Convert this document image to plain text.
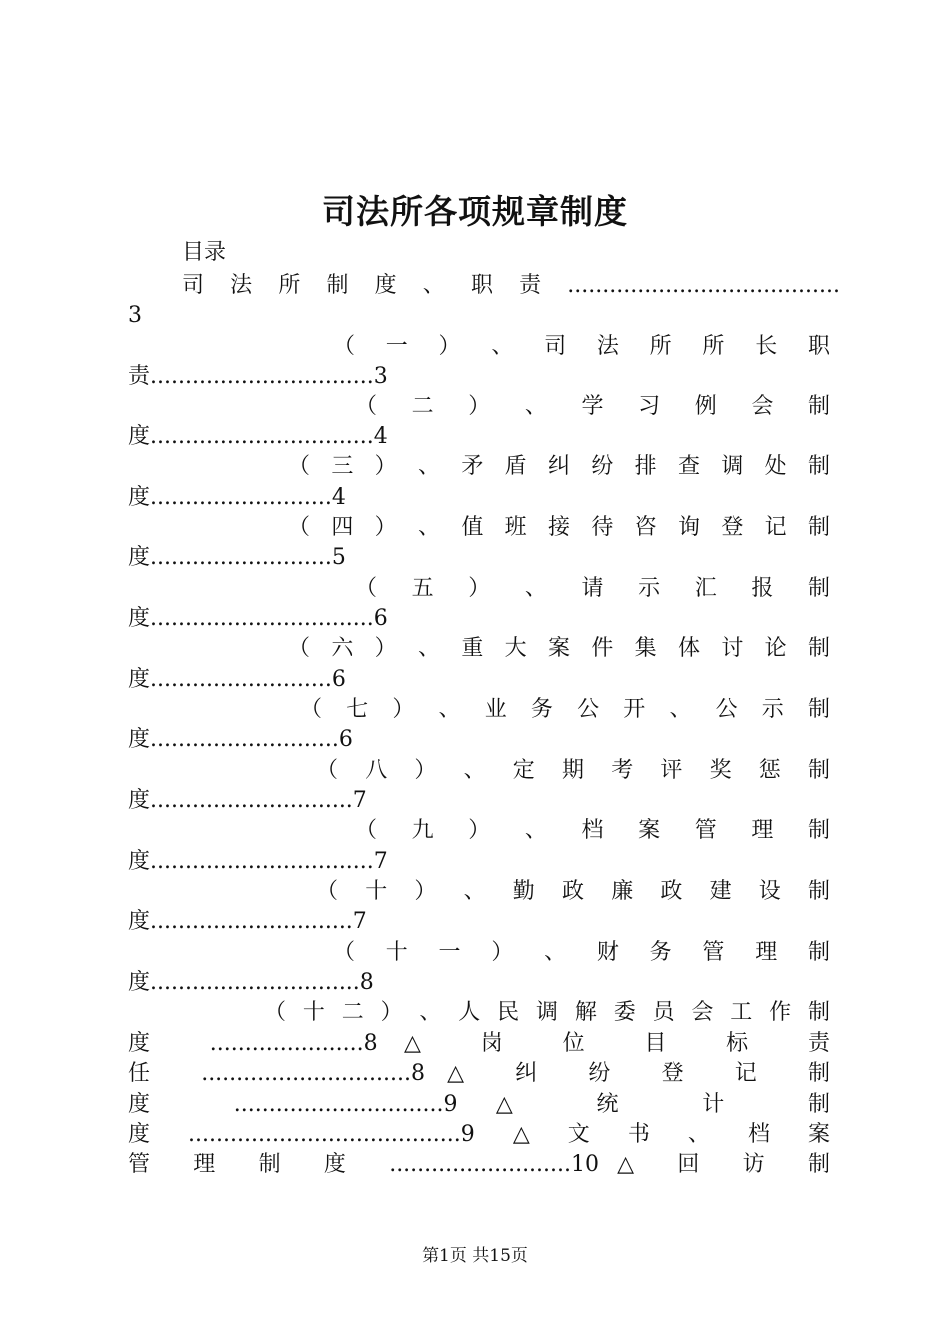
司法所各项规章制度
目录
司法所制度、职责.......................................
3
（ 一 ） 、 司 法 所 所 长 职
责................................3
（ 二 ） 、 学 习 例 会 制
度................................4
（ 三 ） 、 矛 盾 纠 纷 排 查 调 处 制
度..........................4
（ 四 ） 、 值 班 接 待 咨 询 登 记 制
度..........................5
（ 五 ） 、 请 示 汇 报 制
度................................6
（ 六 ） 、 重 大 案 件 集 体 讨 论 制
度..........................6
（ 七 ） 、 业 务 公 开 、 公 示 制
度...........................6
（ 八 ） 、 定 期 考 评 奖 惩 制
度.............................7
（ 九 ） 、 档 案 管 理 制
度................................7
（ 十 ） 、 勤 政 廉 政 建 设 制
度.............................7
（ 十 一 ） 、 财 务 管 理 制
度..............................8
（ 十 二 ） 、 人 民 调 解 委 员 会 工 作 制
度 ......................8△ 岗 位 目 标 责
任 ..............................8△ 纠 纷 登 记 制
度 ..............................9△ 统 计 制
度.......................................9△文书、档案
管 理 制 度 ..........................10△ 回 访 制
第1页 共15页
